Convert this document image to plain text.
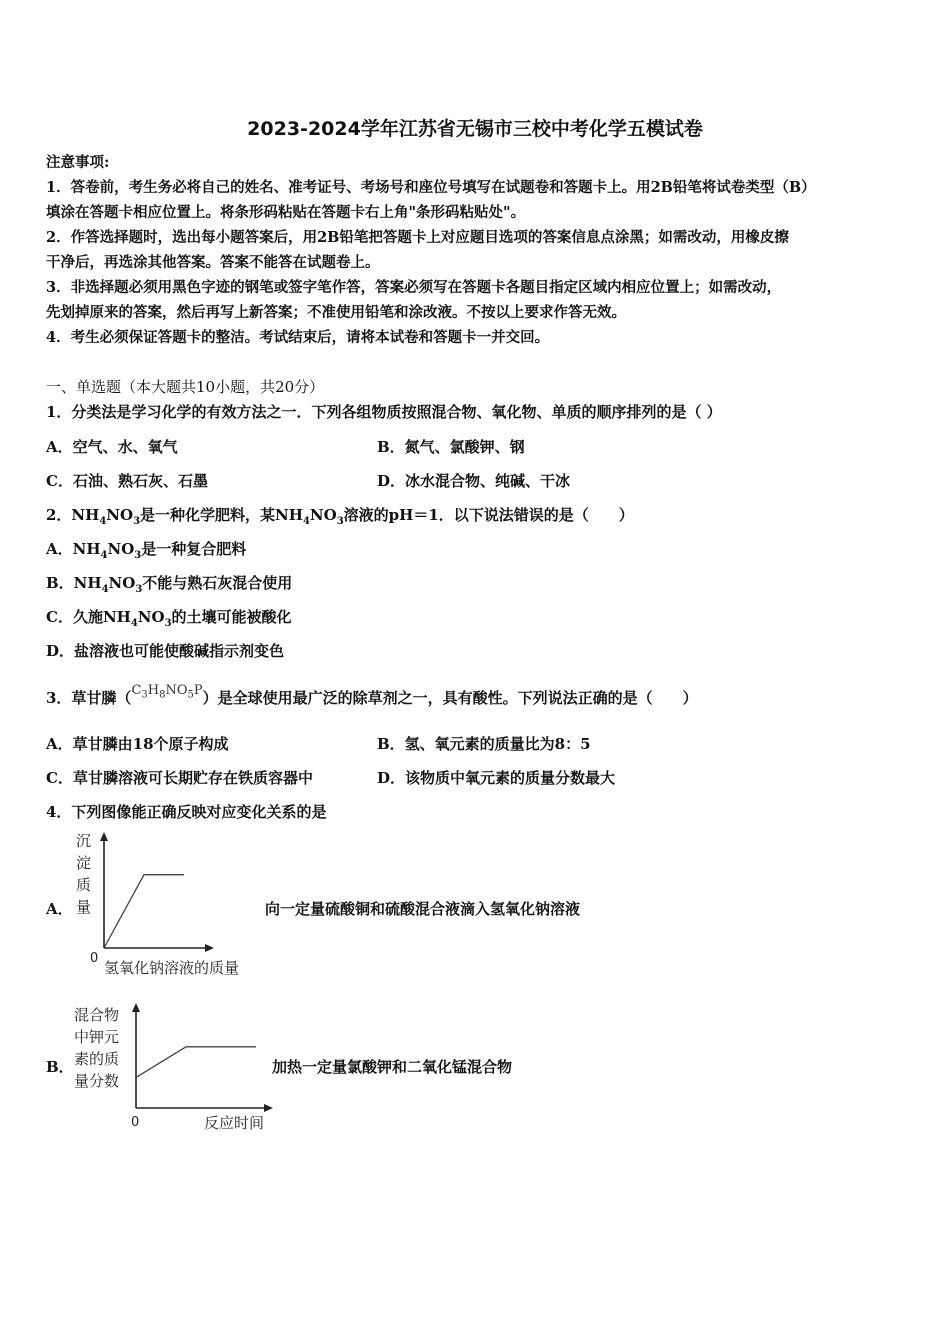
2023-2024学年江苏省无锡市三校中考化学五模试卷
注意事项:
1．答卷前，考生务必将自己的姓名、准考证号、考场号和座位号填写在试题卷和答题卡上。用2B铅笔将试卷类型（B）
填涂在答题卡相应位置上。将条形码粘贴在答题卡右上角"条形码粘贴处"。
2．作答选择题时，选出每小题答案后，用2B铅笔把答题卡上对应题目选项的答案信息点涂黑；如需改动，用橡皮擦
干净后，再选涂其他答案。答案不能答在试题卷上。
3．非选择题必须用黑色字迹的钢笔或签字笔作答，答案必须写在答题卡各题目指定区域内相应位置上；如需改动，
先划掉原来的答案，然后再写上新答案；不准使用铅笔和涂改液。不按以上要求作答无效。
4．考生必须保证答题卡的整洁。考试结束后，请将本试卷和答题卡一并交回。
一、单选题（本大题共10小题，共20分）
1．分类法是学习化学的有效方法之一．下列各组物质按照混合物、氧化物、单质的顺序排列的是（ ）
A．空气、水、氧气	B．氮气、氯酸钾、钢
C．石油、熟石灰、石墨	D．冰水混合物、纯碱、干冰
2．$NH_4NO_3$是一种化学肥料，某$NH_4NO_3$溶液的pH＝1．以下说法错误的是（　　）
A．$NH_4NO_3$是一种复合肥料
B．$NH_4NO_3$不能与熟石灰混合使用
C．久施$NH_4NO_3$的土壤可能被酸化
D．盐溶液也可能使酸碱指示剂变色
3．草甘膦$(C_3H_8NO_5P)$是全球使用最广泛的除草剂之一，具有酸性。下列说法正确的是（　　）
A．草甘膦由18个原子构成	B．氢、氧元素的质量比为8：5
C．草甘膦溶液可长期贮存在铁质容器中	D．该物质中氧元素的质量分数最大
4．下列图像能正确反映对应变化关系的是
A．	向一定量硫酸铜和硫酸混合液滴入氢氧化钠溶液
B．	加热一定量氯酸钾和二氧化锰混合物
沉
淀
质
量
0
氢氧化钠溶液的质量
混合物
中钾元
素的质
量分数
0	反应时间
